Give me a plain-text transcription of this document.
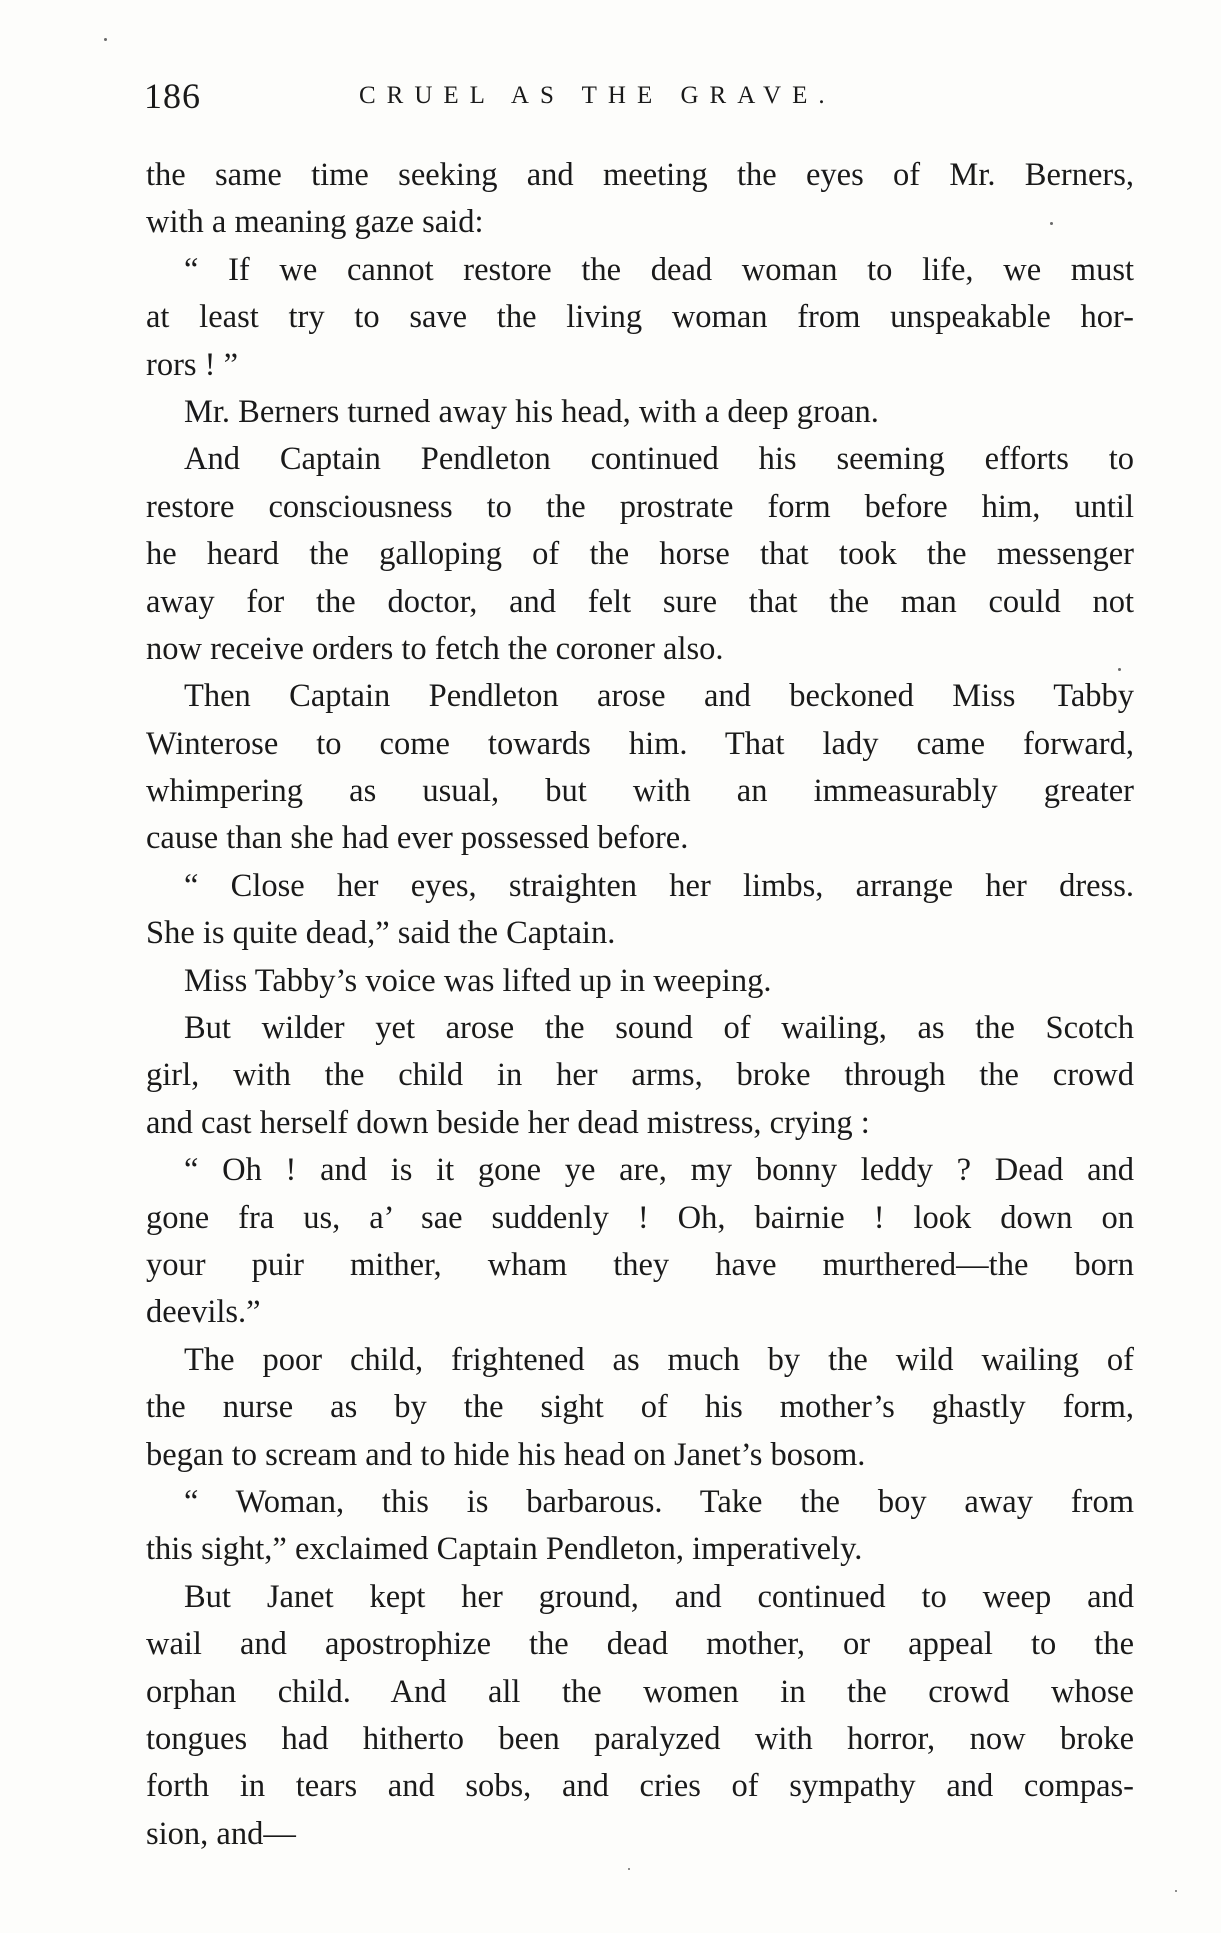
186	CRUEL AS THE GRAVE.
the same time seeking and meeting the eyes of Mr. Berners,
with a meaning gaze said:
“ If we cannot restore the dead woman to life, we must
at least try to save the living woman from unspeakable hor-
rors ! ”
Mr. Berners turned away his head, with a deep groan.
And Captain Pendleton continued his seeming efforts to
restore consciousness to the prostrate form before him, until
he heard the galloping of the horse that took the messenger
away for the doctor, and felt sure that the man could not
now receive orders to fetch the coroner also.
Then Captain Pendleton arose and beckoned Miss Tabby
Winterose to come towards him. That lady came forward,
whimpering as usual, but with an immeasurably greater
cause than she had ever possessed before.
“ Close her eyes, straighten her limbs, arrange her dress.
She is quite dead,” said the Captain.
Miss Tabby’s voice was lifted up in weeping.
But wilder yet arose the sound of wailing, as the Scotch
girl, with the child in her arms, broke through the crowd
and cast herself down beside her dead mistress, crying :
“ Oh ! and is it gone ye are, my bonny leddy ? Dead and
gone fra us, a’ sae suddenly ! Oh, bairnie ! look down on
your puir mither, wham they have murthered—the born
deevils.”
The poor child, frightened as much by the wild wailing of
the nurse as by the sight of his mother’s ghastly form,
began to scream and to hide his head on Janet’s bosom.
“ Woman, this is barbarous. Take the boy away from
this sight,” exclaimed Captain Pendleton, imperatively.
But Janet kept her ground, and continued to weep and
wail and apostrophize the dead mother, or appeal to the
orphan child. And all the women in the crowd whose
tongues had hitherto been paralyzed with horror, now broke
forth in tears and sobs, and cries of sympathy and compas-
sion, and—
